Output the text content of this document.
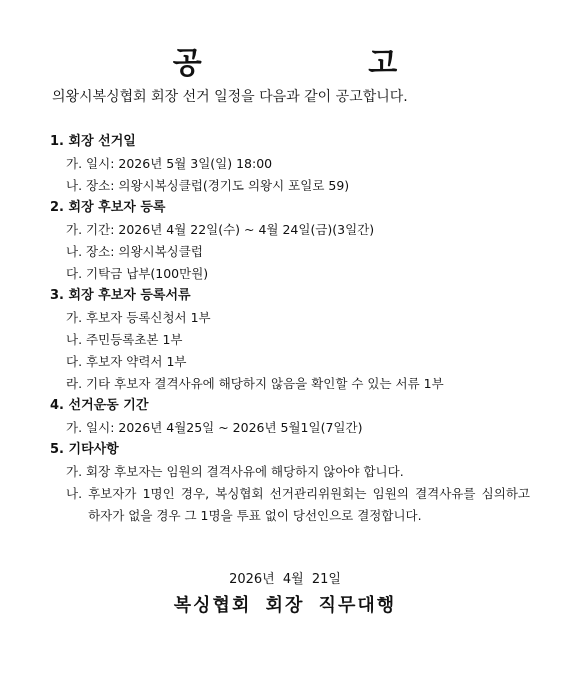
공 고
의왕시복싱협회 회장 선거 일정을 다음과 같이 공고합니다.
1. 회장 선거일
가. 일시: 2026년 5월 3일(일) 18:00
나. 장소: 의왕시복싱클럽(경기도 의왕시 포일로 59)
2. 회장 후보자 등록
가. 기간: 2026년 4월 22일(수) ~ 4월 24일(금)(3일간)
나. 장소: 의왕시복싱클럽
다. 기탁금 납부(100만원)
3. 회장 후보자 등록서류
가. 후보자 등록신청서 1부
나. 주민등록초본 1부
다. 후보자 약력서 1부
라. 기타 후보자 결격사유에 해당하지 않음을 확인할 수 있는 서류 1부
4. 선거운동 기간
가. 일시: 2026년 4월25일 ~ 2026년 5월1일(7일간)
5. 기타사항
가. 회장 후보자는 임원의 결격사유에 해당하지 않아야 합니다.
나. 후보자가 1명인 경우, 복싱협회 선거관리위원회는 임원의 결격사유를 심의하고 하자가 없을 경우 그 1명을 투표 없이 당선인으로 결정합니다.
2026년 4월 21일
복싱협회 회장 직무대행
